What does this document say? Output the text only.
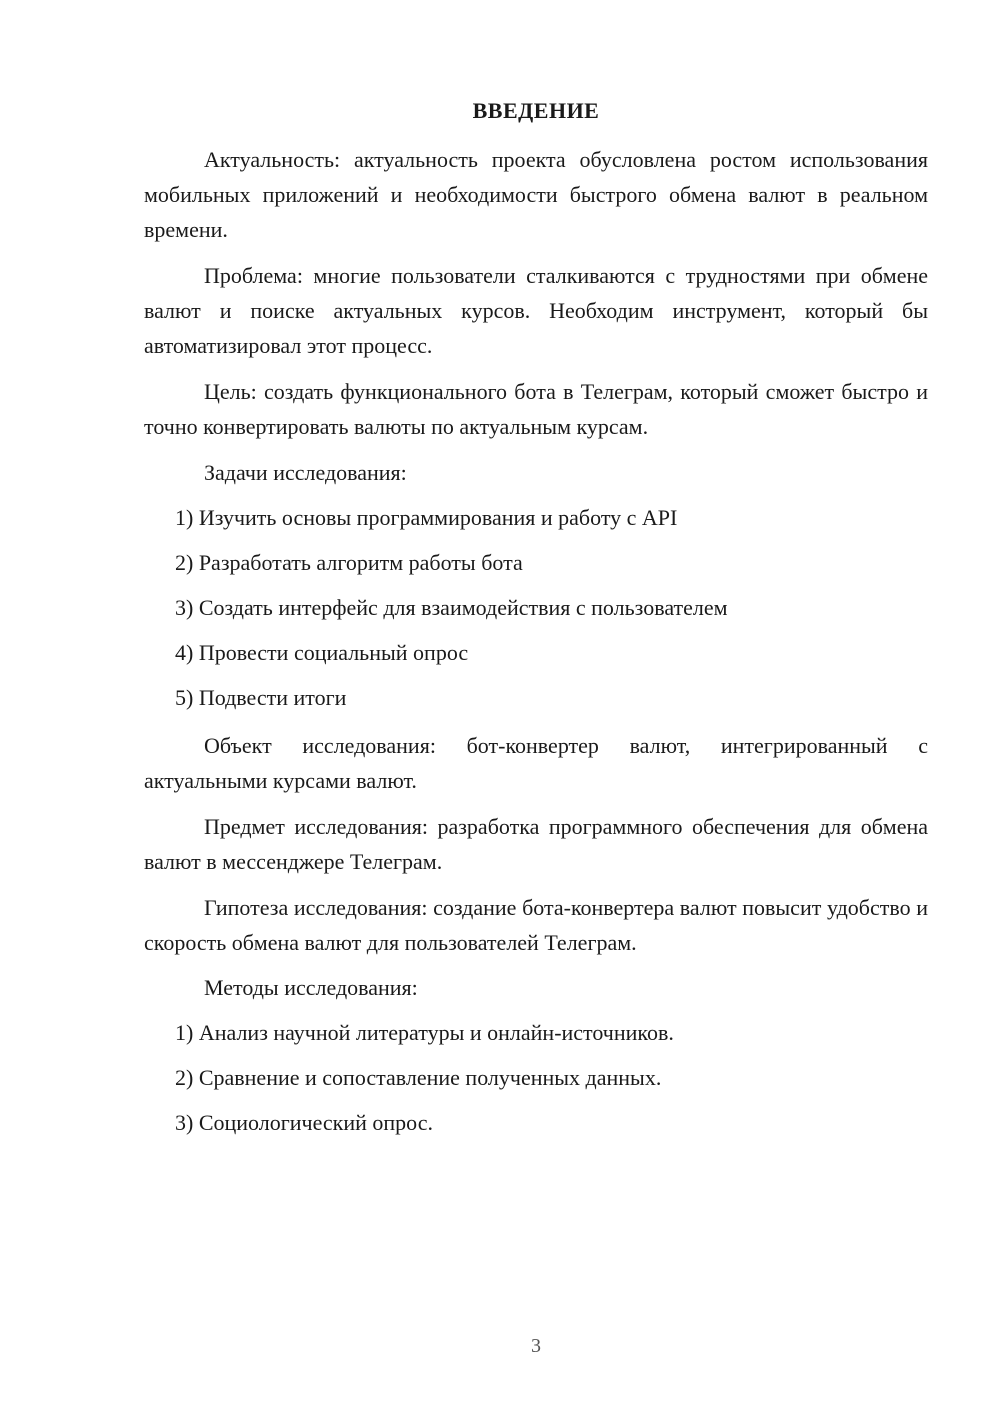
ВВЕДЕНИЕ

Актуальность: актуальность проекта обусловлена ростом использования мобильных приложений и необходимости быстрого обмена валют в реальном времени.

Проблема: многие пользователи сталкиваются с трудностями при обмене валют и поиске актуальных курсов. Необходим инструмент, который бы автоматизировал этот процесс.

Цель: создать функционального бота в Телеграм, который сможет быстро и точно конвертировать валюты по актуальным курсам.

Задачи исследования:

1) Изучить основы программирования и работу с API

2) Разработать алгоритм работы бота

3) Создать интерфейс для взаимодействия с пользователем

4) Провести социальный опрос

5) Подвести итоги

Объект исследования: бот-конвертер валют, интегрированный с актуальными курсами валют.

Предмет исследования: разработка программного обеспечения для обмена валют в мессенджере Телеграм.

Гипотеза исследования: создание бота-конвертера валют повысит удобство и скорость обмена валют для пользователей Телеграм.

Методы исследования:

1) Анализ научной литературы и онлайн-источников.

2) Сравнение и сопоставление полученных данных.

3) Социологический опрос.

3
